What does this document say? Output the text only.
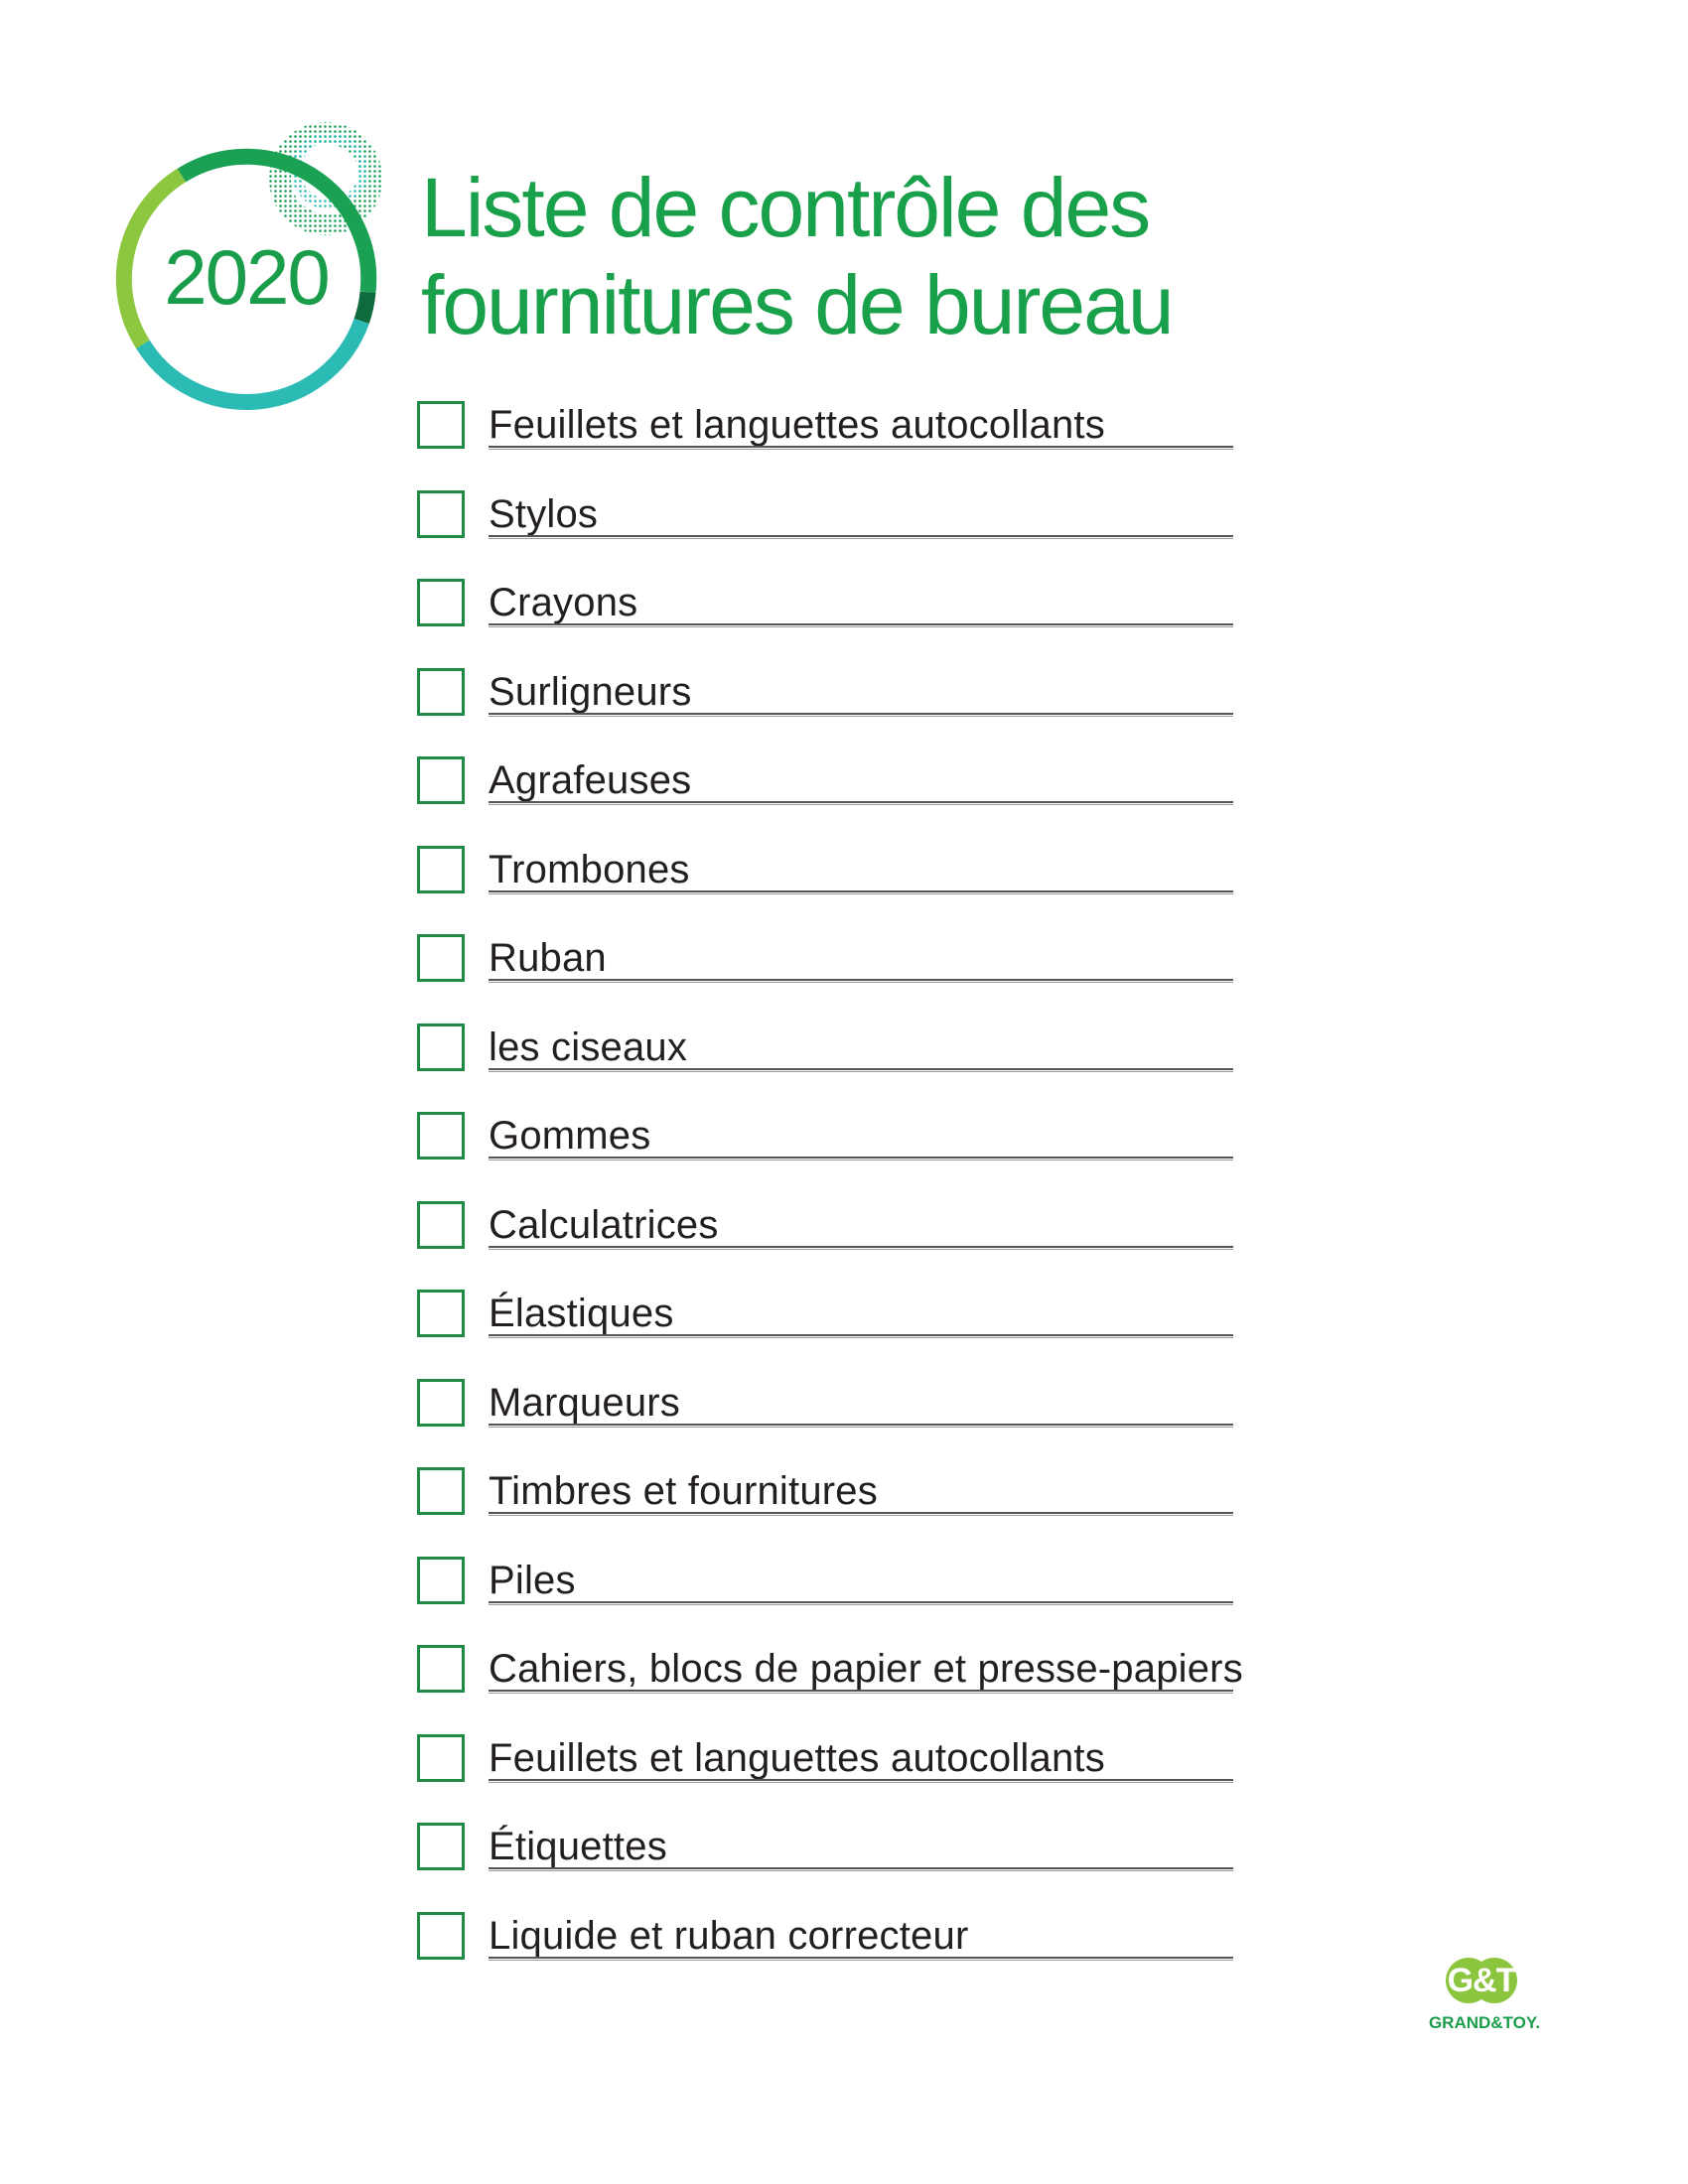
2020
Liste de contrôle des
fournitures de bureau
Feuillets et languettes autocollants
Stylos
Crayons
Surligneurs
Agrafeuses
Trombones
Ruban
les ciseaux
Gommes
Calculatrices
Élastiques
Marqueurs
Timbres et fournitures
Piles
Cahiers, blocs de papier et presse-papiers
Feuillets et languettes autocollants
Étiquettes
Liquide et ruban correcteur
G&T
GRAND&TOY.
